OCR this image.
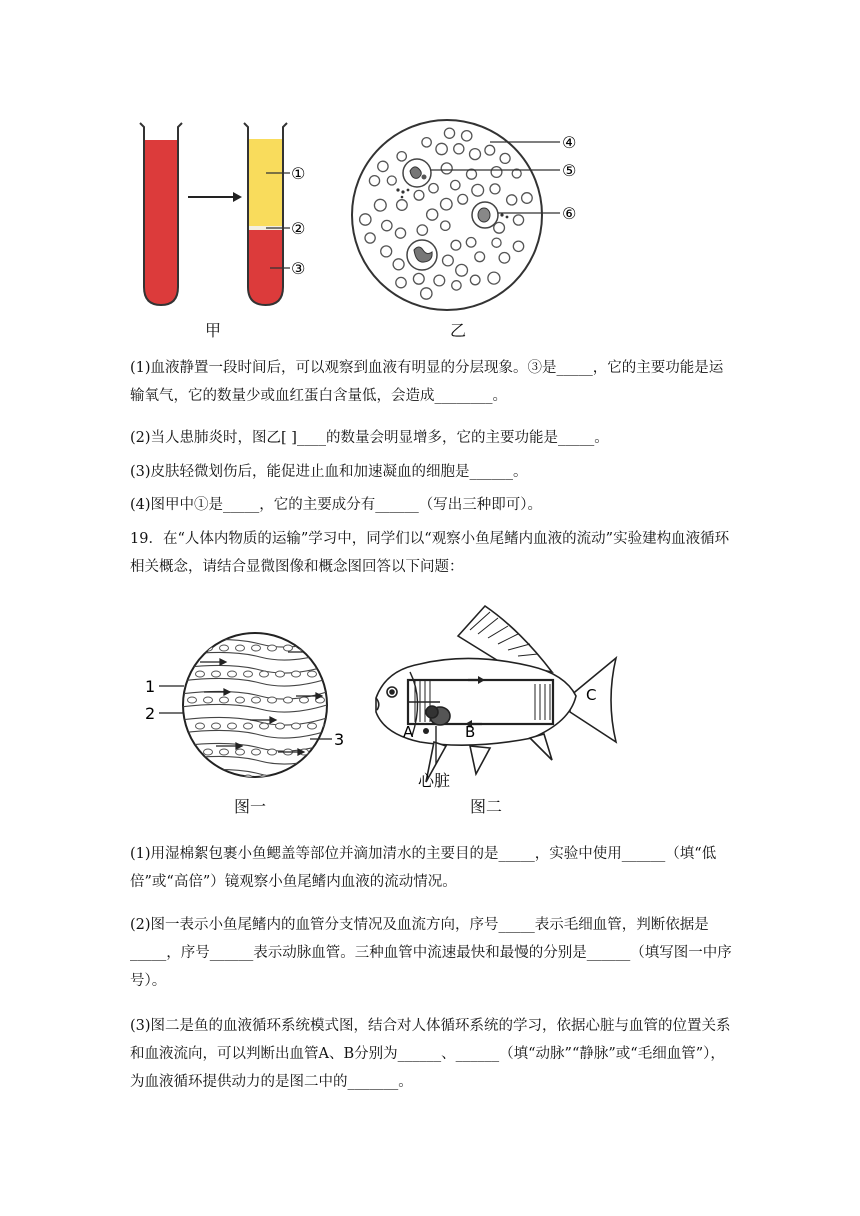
①
②
③
④
⑤
⑥
甲	乙
(1)血液静置一段时间后，可以观察到血液有明显的分层现象。③是_____，它的主要功能是运输氧气，它的数量少或血红蛋白含量低，会造成________。
(2)当人患肺炎时，图乙[ ]____的数量会明显增多，它的主要功能是_____。
(3)皮肤轻微划伤后，能促进止血和加速凝血的细胞是______。
(4)图甲中①是_____，它的主要成分有______（写出三种即可）。
19．在“人体内物质的运输”学习中，同学们以“观察小鱼尾鳍内血液的流动”实验建构血液循环相关概念，请结合显微图像和概念图回答以下问题：
1
2
3	A	B
C
心脏
图一	图二
(1)用湿棉絮包裹小鱼鳃盖等部位并滴加清水的主要目的是_____，实验中使用______（填“低倍”或“高倍”）镜观察小鱼尾鳍内血液的流动情况。
(2)图一表示小鱼尾鳍内的血管分支情况及血流方向，序号_____表示毛细血管，判断依据是_____，序号______表示动脉血管。三种血管中流速最快和最慢的分别是______（填写图一中序号）。
(3)图二是鱼的血液循环系统模式图，结合对人体循环系统的学习，依据心脏与血管的位置关系和血液流向，可以判断出血管A、B分别为______、______（填“动脉”“静脉”或“毛细血管”），为血液循环提供动力的是图二中的_______。
